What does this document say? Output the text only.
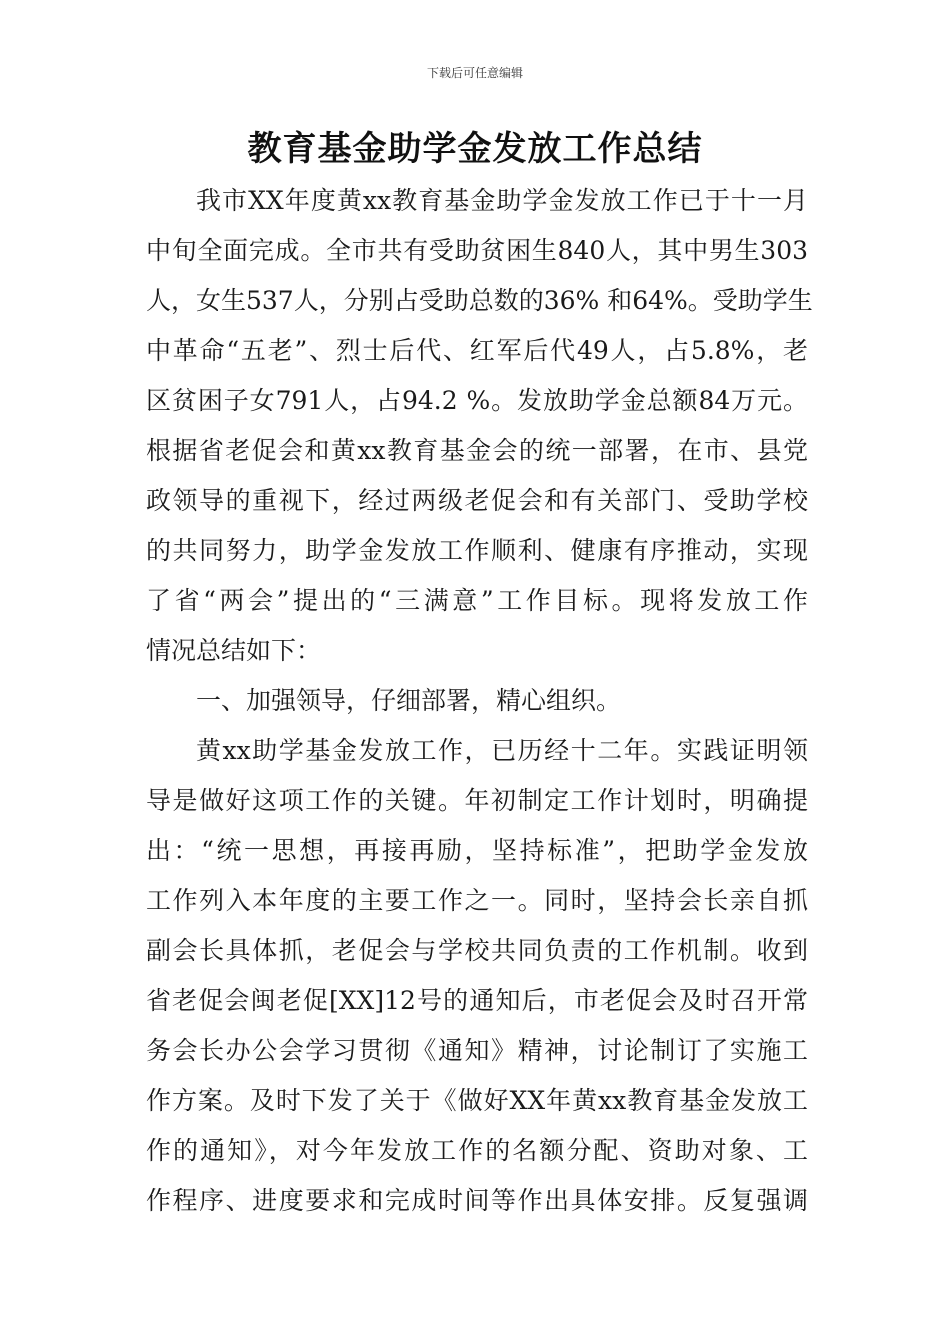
下载后可任意编辑
教育基金助学金发放工作总结
我市XX年度黄xx教育基金助学金发放工作已于十一月
中旬全面完成。全市共有受助贫困生840人，其中男生303
人，女生537人，分别占受助总数的36% 和64%。受助学生
中革命“五老”、烈士后代、红军后代49人，占5.8%，老
区贫困子女791人，占94.2 %。发放助学金总额84万元。
根据省老促会和黄xx教育基金会的统一部署，在市、县党
政领导的重视下，经过两级老促会和有关部门、受助学校
的共同努力，助学金发放工作顺利、健康有序推动，实现
了省“两会”提出的“三满意”工作目标。现将发放工作
情况总结如下：
一、加强领导，仔细部署，精心组织。
黄xx助学基金发放工作，已历经十二年。实践证明领
导是做好这项工作的关键。年初制定工作计划时，明确提
出：“统一思想，再接再励，坚持标准”，把助学金发放
工作列入本年度的主要工作之一。同时，坚持会长亲自抓
副会长具体抓，老促会与学校共同负责的工作机制。收到
省老促会闽老促[XX]12号的通知后，市老促会及时召开常
务会长办公会学习贯彻《通知》精神，讨论制订了实施工
作方案。及时下发了关于《做好XX年黄xx教育基金发放工
作的通知》，对今年发放工作的名额分配、资助对象、工
作程序、进度要求和完成时间等作出具体安排。反复强调
